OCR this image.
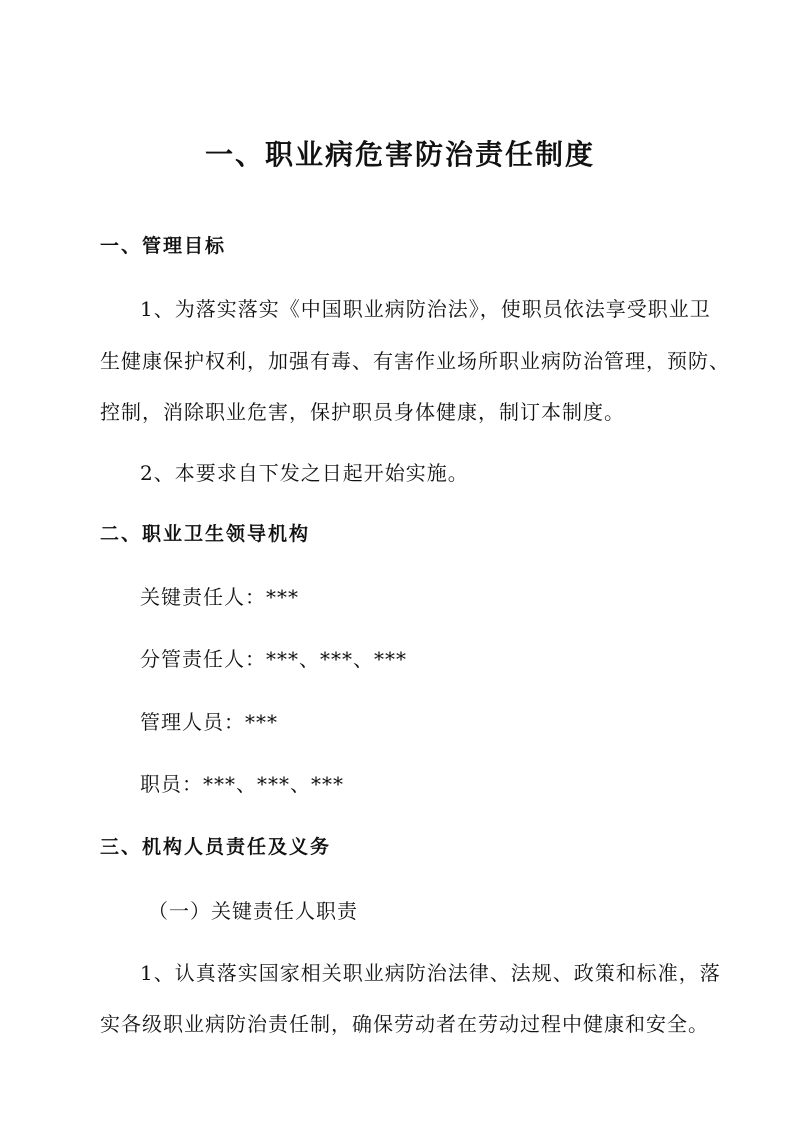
一、职业病危害防治责任制度
一、管理目标
1、为落实落实《中国职业病防治法》，使职员依法享受职业卫
生健康保护权利，加强有毒、有害作业场所职业病防治管理，预防、
控制，消除职业危害，保护职员身体健康，制订本制度。
2、本要求自下发之日起开始实施。
二、职业卫生领导机构
关键责任人：***
分管责任人：***、***、***
管理人员：***
职员：***、***、***
三、机构人员责任及义务
（一）关键责任人职责
1、认真落实国家相关职业病防治法律、法规、政策和标准，落
实各级职业病防治责任制，确保劳动者在劳动过程中健康和安全。
